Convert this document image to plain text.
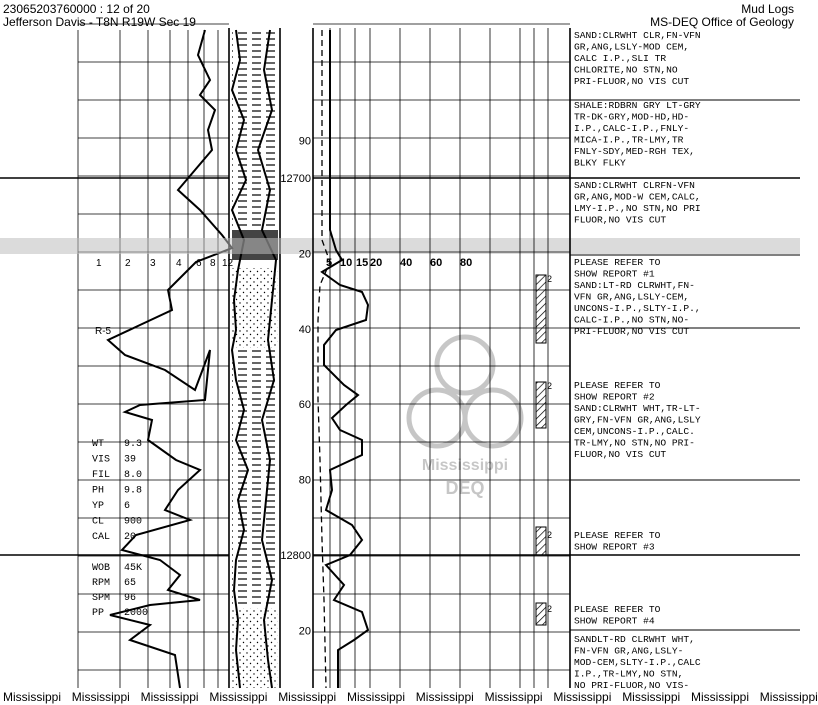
23065203760000 : 12 of 20
Jefferson Davis - T8N R19W Sec 19
Mud Logs
MS-DEQ Office of Geology
90
12700
20
40
60
80
12800
20
1 2 3 4 6 8 12	5 10 15 20 40 60 80
R-5
WT 9.3
VIS 39
FIL 8.0
PH 9.8
YP 6
CL 900
CAL 20
WOB 45K
RPM 65
SPM 96
PP 2000
2
2
2
2
SAND:CLRWHT CLR,FN-VFN
GR,ANG,LSLY-MOD CEM,
CALC I.P.,SLI TR
CHLORITE,NO STN,NO
PRI-FLUOR,NO VIS CUT
SHALE:RDBRN GRY LT-GRY
TR-DK-GRY,MOD-HD,HD-
I.P.,CALC-I.P.,FNLY-
MICA-I.P.,TR-LMY,TR
FNLY-SDY,MED-RGH TEX,
BLKY FLKY
SAND:CLRWHT CLRFN-VFN
GR,ANG,MOD-W CEM,CALC,
LMY-I.P.,NO STN,NO PRI
FLUOR,NO VIS CUT
PLEASE REFER TO
SHOW REPORT #1
SAND:LT-RD CLRWHT,FN-
VFN GR,ANG,LSLY-CEM,
UNCONS-I.P.,SLTY-I.P.,
CALC-I.P.,NO STN,NO-
PRI-FLUOR,NO VIS CUT
PLEASE REFER TO
SHOW REPORT #2
SAND:CLRWHT WHT,TR-LT-
GRY,FN-VFN GR,ANG,LSLY
CEM,UNCONS-I.P.,CALC.
TR-LMY,NO STN,NO PRI-
FLUOR,NO VIS CUT
PLEASE REFER TO
SHOW REPORT #3
PLEASE REFER TO
SHOW REPORT #4
SANDLT-RD CLRWHT WHT,
FN-VFN GR,ANG,LSLY-
MOD-CEM,SLTY-I.P.,CALC
I.P.,TR-LMY,NO STN,
NO PRI-FLUOR,NO VIS-
Mississippi
DEQ
Mississippi Mississippi Mississippi Mississippi Mississippi Mississippi Mississippi Mississippi Mississippi Mississippi Mississippi Mississippi
